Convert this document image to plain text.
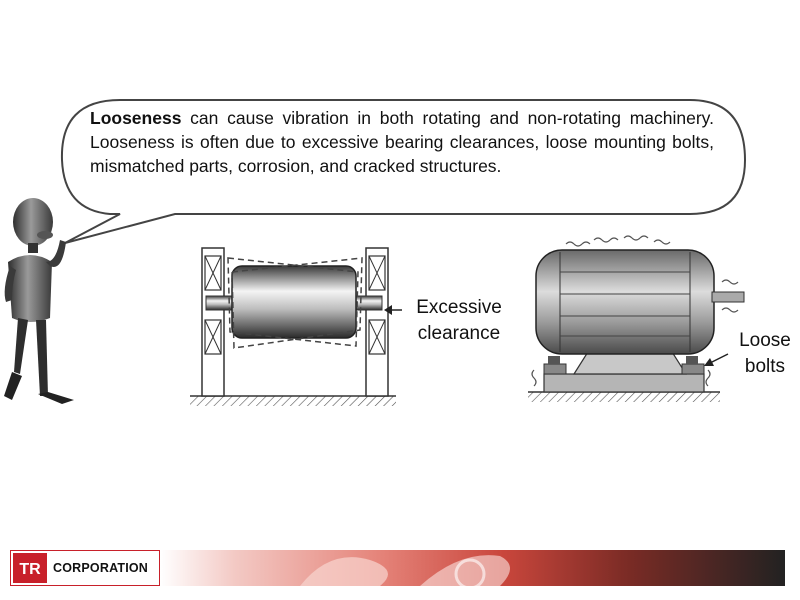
Looseness can cause vibration in both rotating and non-rotating machinery. Looseness is often due to excessive bearing clearances, loose mounting bolts, mismatched parts, corrosion, and cracked structures.
Excessive
clearance	Loose
bolts
TR CORPORATION
